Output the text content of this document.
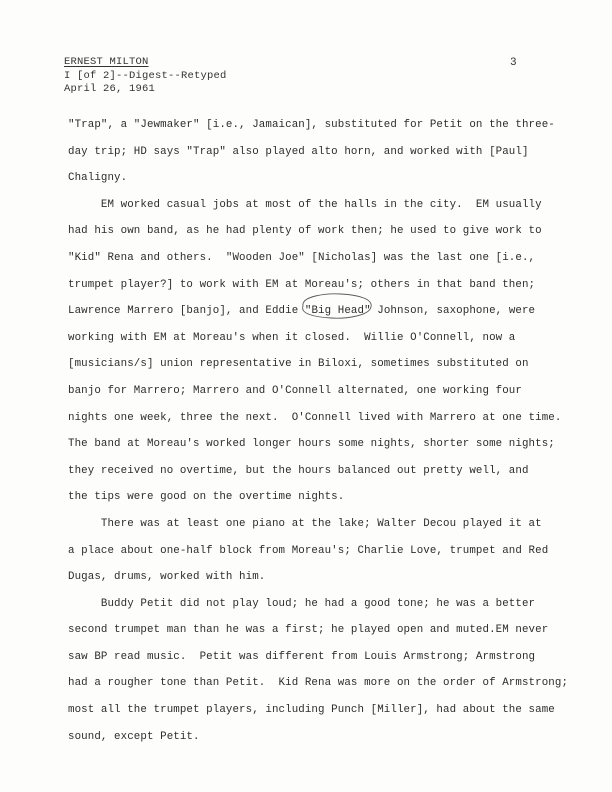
ERNEST MILTON
I [of 2]--Digest--Retyped
April 26, 1961
3
"Trap", a "Jewmaker" [i.e., Jamaican], substituted for Petit on the three-
day trip; HD says "Trap" also played alto horn, and worked with [Paul]
Chaligny.
EM worked casual jobs at most of the halls in the city.  EM usually
had his own band, as he had plenty of work then; he used to give work to
"Kid" Rena and others.  "Wooden Joe" [Nicholas] was the last one [i.e.,
trumpet player?] to work with EM at Moreau's; others in that band then;
Lawrence Marrero [banjo], and Eddie
"Big Head" Johnson, saxophone, were
working with EM at Moreau's when it closed.  Willie O'Connell, now a
[musicians/s] union representative in Biloxi, sometimes substituted on
banjo for Marrero; Marrero and O'Connell alternated, one working four
nights one week, three the next.  O'Connell lived with Marrero at one time.
The band at Moreau's worked longer hours some nights, shorter some nights;
they received no overtime, but the hours balanced out pretty well, and
the tips were good on the overtime nights.
There was at least one piano at the lake; Walter Decou played it at
a place about one-half block from Moreau's; Charlie Love, trumpet and Red
Dugas, drums, worked with him.
Buddy Petit did not play loud; he had a good tone; he was a better
second trumpet man than he was a first; he played open and muted.EM never
saw BP read music.  Petit was different from Louis Armstrong; Armstrong
had a rougher tone than Petit.  Kid Rena was more on the order of Armstrong;
most all the trumpet players, including Punch [Miller], had about the same
sound, except Petit.
